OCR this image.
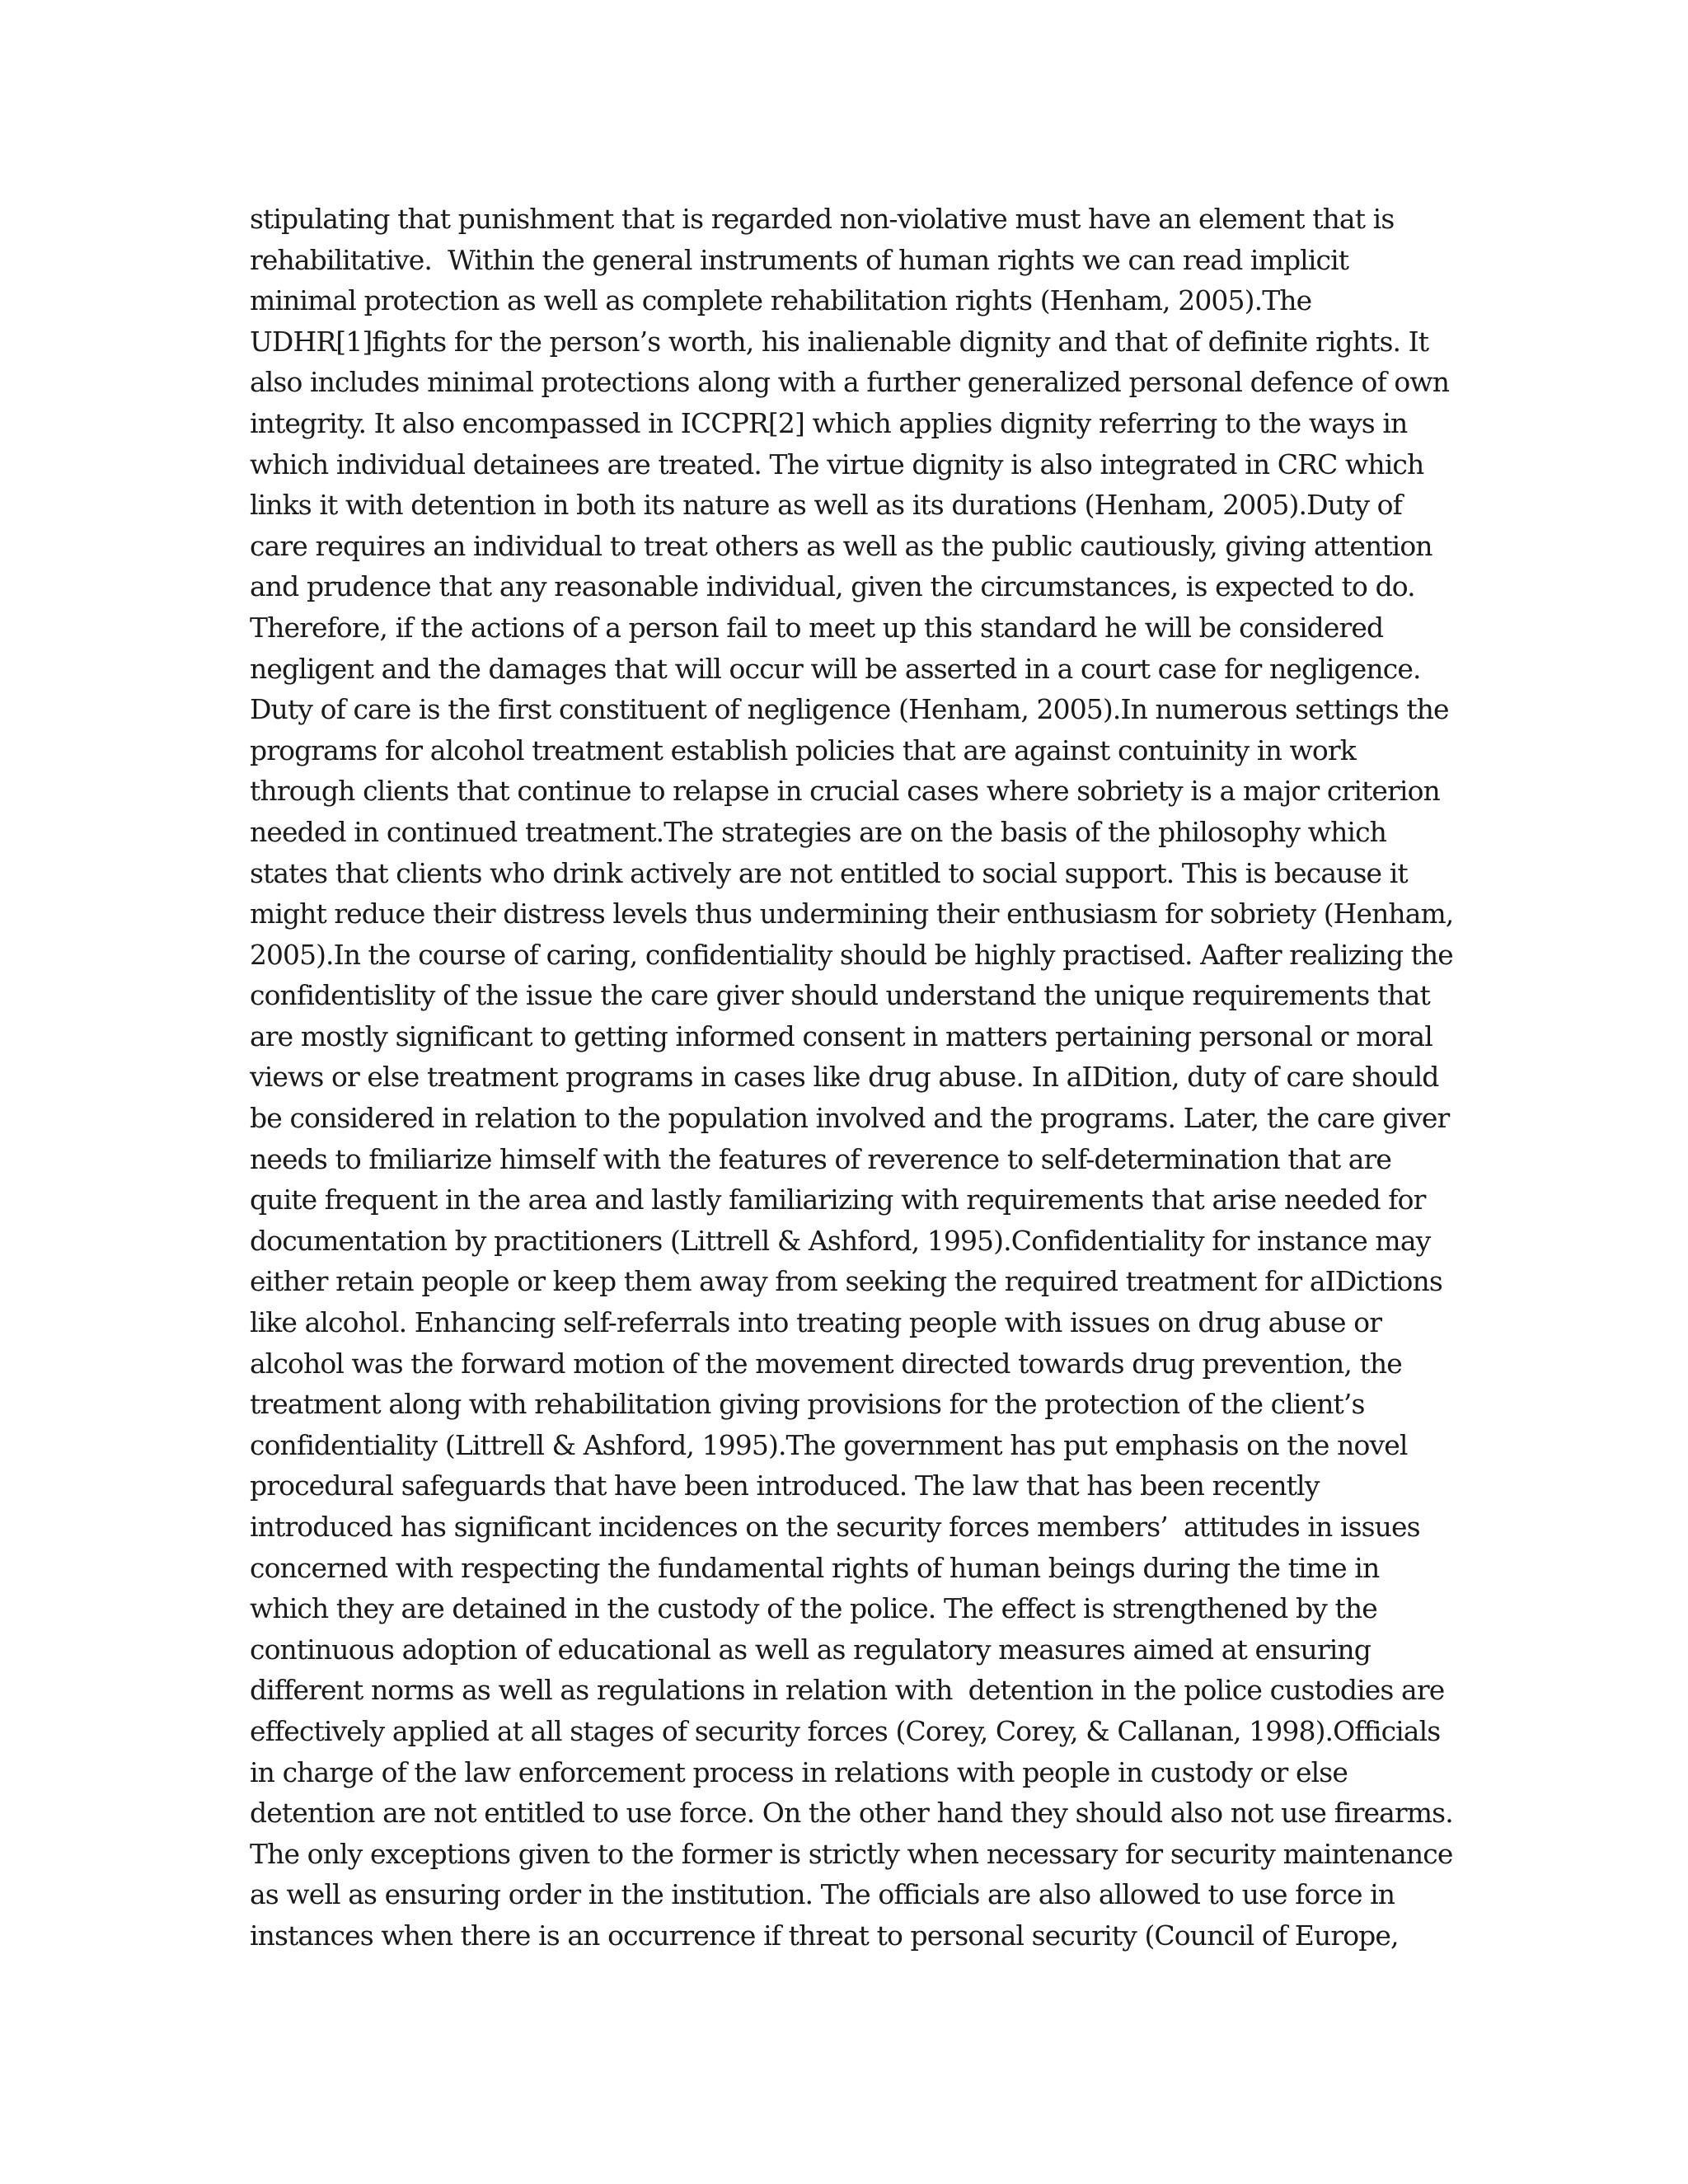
stipulating that punishment that is regarded non-violative must have an element that is
rehabilitative.  Within the general instruments of human rights we can read implicit
minimal protection as well as complete rehabilitation rights (Henham, 2005).The
UDHR[1]fights for the person’s worth, his inalienable dignity and that of definite rights. It
also includes minimal protections along with a further generalized personal defence of own
integrity. It also encompassed in ICCPR[2] which applies dignity referring to the ways in
which individual detainees are treated. The virtue dignity is also integrated in CRC which
links it with detention in both its nature as well as its durations (Henham, 2005).Duty of
care requires an individual to treat others as well as the public cautiously, giving attention
and prudence that any reasonable individual, given the circumstances, is expected to do.
Therefore, if the actions of a person fail to meet up this standard he will be considered
negligent and the damages that will occur will be asserted in a court case for negligence.
Duty of care is the first constituent of negligence (Henham, 2005).In numerous settings the
programs for alcohol treatment establish policies that are against contuinity in work
through clients that continue to relapse in crucial cases where sobriety is a major criterion
needed in continued treatment.The strategies are on the basis of the philosophy which
states that clients who drink actively are not entitled to social support. This is because it
might reduce their distress levels thus undermining their enthusiasm for sobriety (Henham,
2005).In the course of caring, confidentiality should be highly practised. Aafter realizing the
confidentislity of the issue the care giver should understand the unique requirements that
are mostly significant to getting informed consent in matters pertaining personal or moral
views or else treatment programs in cases like drug abuse. In aIDition, duty of care should
be considered in relation to the population involved and the programs. Later, the care giver
needs to fmiliarize himself with the features of reverence to self-determination that are
quite frequent in the area and lastly familiarizing with requirements that arise needed for
documentation by practitioners (Littrell & Ashford, 1995).Confidentiality for instance may
either retain people or keep them away from seeking the required treatment for aIDictions
like alcohol. Enhancing self-referrals into treating people with issues on drug abuse or
alcohol was the forward motion of the movement directed towards drug prevention, the
treatment along with rehabilitation giving provisions for the protection of the client’s
confidentiality (Littrell & Ashford, 1995).The government has put emphasis on the novel
procedural safeguards that have been introduced. The law that has been recently
introduced has significant incidences on the security forces members’  attitudes in issues
concerned with respecting the fundamental rights of human beings during the time in
which they are detained in the custody of the police. The effect is strengthened by the
continuous adoption of educational as well as regulatory measures aimed at ensuring
different norms as well as regulations in relation with  detention in the police custodies are
effectively applied at all stages of security forces (Corey, Corey, & Callanan, 1998).Officials
in charge of the law enforcement process in relations with people in custody or else
detention are not entitled to use force. On the other hand they should also not use firearms.
The only exceptions given to the former is strictly when necessary for security maintenance
as well as ensuring order in the institution. The officials are also allowed to use force in
instances when there is an occurrence if threat to personal security (Council of Europe,
